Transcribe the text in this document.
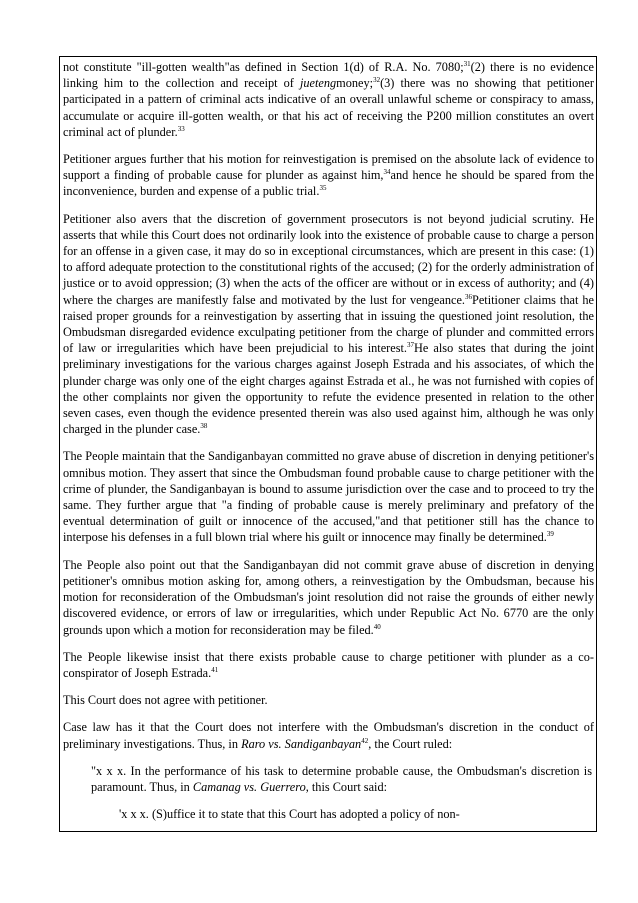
not constitute "ill-gotten wealth"as defined in Section 1(d) of R.A. No. 7080;$^{31}$(2) there is no evidence linking him to the collection and receipt of juetengmoney;$^{32}$(3) there was no showing that petitioner participated in a pattern of criminal acts indicative of an overall unlawful scheme or conspiracy to amass, accumulate or acquire ill-gotten wealth, or that his act of receiving the P200 million constitutes an overt criminal act of plunder.$^{33}$

Petitioner argues further that his motion for reinvestigation is premised on the absolute lack of evidence to support a finding of probable cause for plunder as against him,$^{34}$and hence he should be spared from the inconvenience, burden and expense of a public trial.$^{35}$

Petitioner also avers that the discretion of government prosecutors is not beyond judicial scrutiny. He asserts that while this Court does not ordinarily look into the existence of probable cause to charge a person for an offense in a given case, it may do so in exceptional circumstances, which are present in this case: (1) to afford adequate protection to the constitutional rights of the accused; (2) for the orderly administration of justice or to avoid oppression; (3) when the acts of the officer are without or in excess of authority; and (4) where the charges are manifestly false and motivated by the lust for vengeance.$^{36}$Petitioner claims that he raised proper grounds for a reinvestigation by asserting that in issuing the questioned joint resolution, the Ombudsman disregarded evidence exculpating petitioner from the charge of plunder and committed errors of law or irregularities which have been prejudicial to his interest.$^{37}$He also states that during the joint preliminary investigations for the various charges against Joseph Estrada and his associates, of which the plunder charge was only one of the eight charges against Estrada et al., he was not furnished with copies of the other complaints nor given the opportunity to refute the evidence presented in relation to the other seven cases, even though the evidence presented therein was also used against him, although he was only charged in the plunder case.$^{38}$

The People maintain that the Sandiganbayan committed no grave abuse of discretion in denying petitioner's omnibus motion. They assert that since the Ombudsman found probable cause to charge petitioner with the crime of plunder, the Sandiganbayan is bound to assume jurisdiction over the case and to proceed to try the same. They further argue that "a finding of probable cause is merely preliminary and prefatory of the eventual determination of guilt or innocence of the accused,"and that petitioner still has the chance to interpose his defenses in a full blown trial where his guilt or innocence may finally be determined.$^{39}$

The People also point out that the Sandiganbayan did not commit grave abuse of discretion in denying petitioner's omnibus motion asking for, among others, a reinvestigation by the Ombudsman, because his motion for reconsideration of the Ombudsman's joint resolution did not raise the grounds of either newly discovered evidence, or errors of law or irregularities, which under Republic Act No. 6770 are the only grounds upon which a motion for reconsideration may be filed.$^{40}$

The People likewise insist that there exists probable cause to charge petitioner with plunder as a co-conspirator of Joseph Estrada.$^{41}$

This Court does not agree with petitioner.

Case law has it that the Court does not interfere with the Ombudsman's discretion in the conduct of preliminary investigations. Thus, in Raro vs. Sandiganbayan$^{42}$, the Court ruled:

"x x x. In the performance of his task to determine probable cause, the Ombudsman's discretion is paramount. Thus, in Camanag vs. Guerrero, this Court said:

'x x x. (S)uffice it to state that this Court has adopted a policy of non-
